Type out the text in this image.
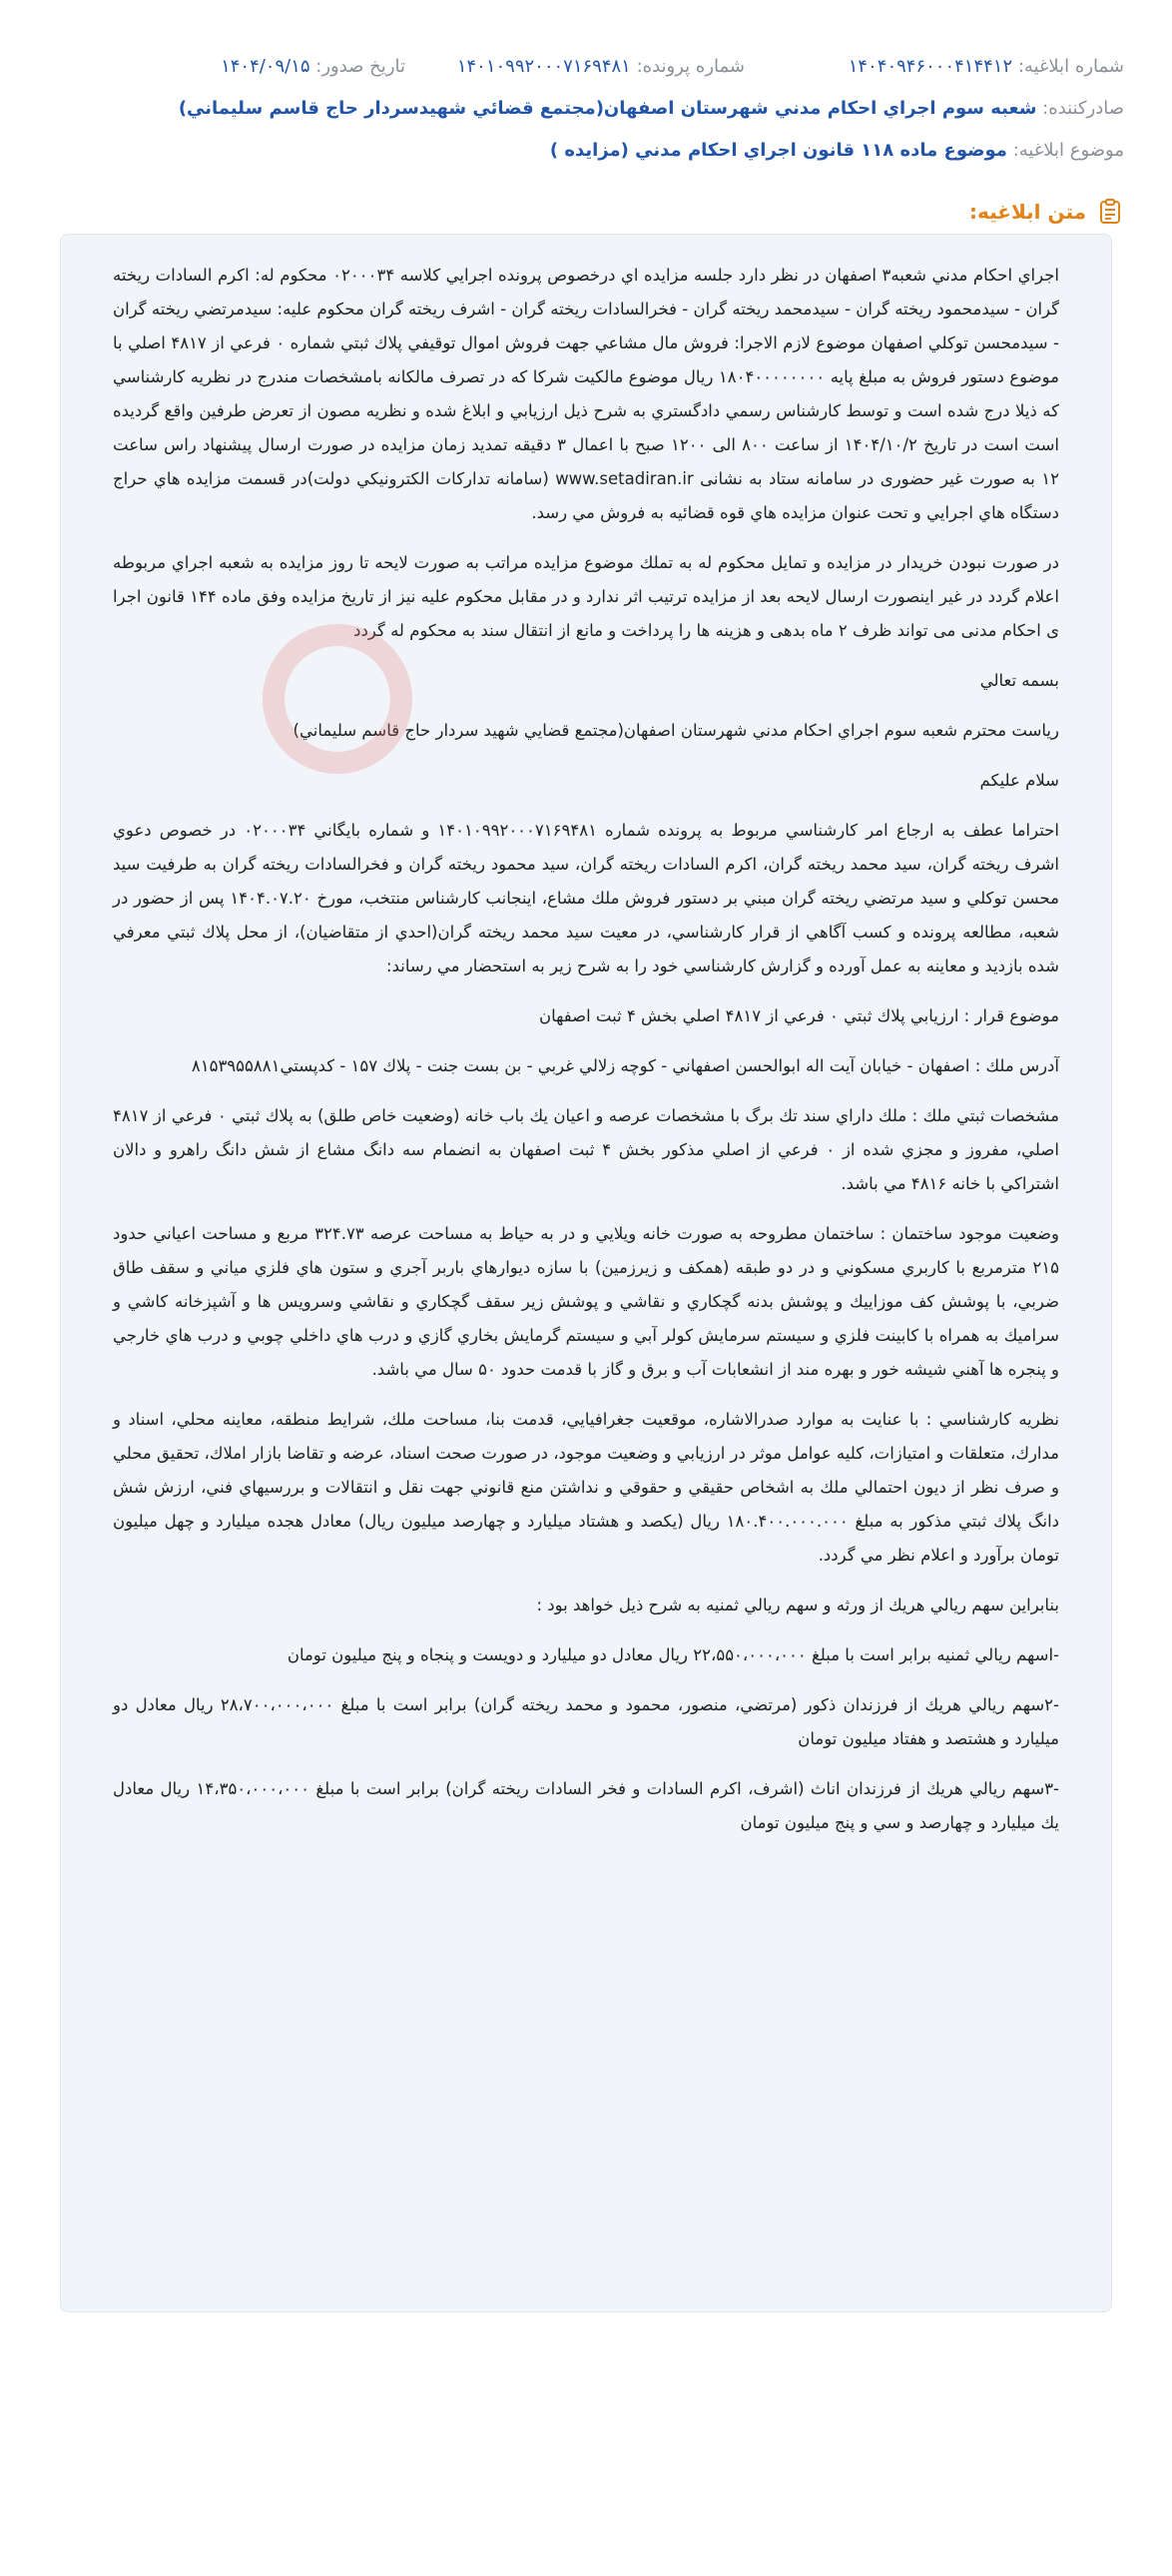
شماره ابلاغيه: ۱۴۰۴۰۹۴۶۰۰۰۴۱۴۴۱۲
شماره پرونده: ۱۴۰۱۰۹۹۲۰۰۰۷۱۶۹۴۸۱
تاريخ صدور: ۱۴۰۴/۰۹/۱۵
صادركننده: شعبه سوم اجراي احكام مدني شهرستان اصفهان(مجتمع قضائي شهيدسردار حاج قاسم سليماني)
موضوع ابلاغيه: موضوع ماده ۱۱۸ قانون اجراي احكام مدني (مزايده )
متن ابلاغيه:

اجراي احكام مدني شعبه۳ اصفهان در نظر دارد جلسه مزايده اي درخصوص پرونده اجرايي كلاسه ۰۲۰۰۰۳۴ محکوم له: اكرم السادات ريخته گران - سيدمحمود ريخته گران - سيدمحمد ريخته گران - فخرالسادات ريخته گران - اشرف ريخته گران محكوم عليه: سيدمرتضي ريخته گران - سيدمحسن توكلي اصفهان موضوع لازم الاجرا: فروش مال مشاعي جهت فروش اموال توقيفي پلاك ثبتي شماره ۰ فرعي از ۴۸۱۷ اصلي با موضوع دستور فروش به مبلغ پايه ۱۸۰۴۰۰۰۰۰۰۰۰ ريال موضوع مالكيت شركا كه در تصرف مالكانه بامشخصات مندرج در نظريه كارشناسي كه ذيلا درج شده است و توسط كارشناس رسمي دادگستري به شرح ذيل ارزيابي و ابلاغ شده و نظريه مصون از تعرض طرفين واقع گرديده است است در تاريخ ۱۴۰۴/۱۰/۲ از ساعت ۸۰۰ الی ۱۲۰۰ صبح با اعمال ۳ دقیقه تمدید زمان مزایده در صورت ارسال پیشنهاد راس ساعت ۱۲ به صورت غیر حضوری در سامانه ستاد به نشانی www.setadiran.ir (سامانه تداركات الكترونيكي دولت)در قسمت مزايده هاي حراج دستگاه هاي اجرايي و تحت عنوان مزايده هاي قوه قضائيه به فروش مي رسد.

در صورت نبودن خريدار در مزايده و تمايل محكوم له به تملك موضوع مزايده مراتب به صورت لايحه تا روز مزايده به شعبه اجراي مربوطه اعلام گردد در غير اينصورت ارسال لايحه بعد از مزايده ترتيب اثر ندارد و در مقابل محكوم عليه نيز از تاريخ مزايده وفق ماده ۱۴۴ قانون اجرا ی احكام مدنی می تواند ظرف ۲ ماه بدهی و هزينه ها را پرداخت و مانع از انتقال سند به محكوم له گردد

بسمه تعالي

رياست محترم شعبه سوم اجراي احكام مدني شهرستان اصفهان(مجتمع قضايي شهيد سردار حاج قاسم سليماني)

سلام عليكم

احتراما عطف به ارجاع امر كارشناسي مربوط به پرونده شماره ۱۴۰۱۰۹۹۲۰۰۰۷۱۶۹۴۸۱ و شماره بايگاني ۰۲۰۰۰۳۴ در خصوص دعوي اشرف ريخته گران، سيد محمد ريخته گران، اكرم السادات ريخته گران، سيد محمود ريخته گران و فخرالسادات ريخته گران به طرفيت سيد محسن توكلي و سيد مرتضي ريخته گران مبني بر دستور فروش ملك مشاع، اينجانب كارشناس منتخب، مورخ ۱۴۰۴.۰۷.۲۰ پس از حضور در شعبه، مطالعه پرونده و كسب آگاهي از قرار كارشناسي، در معيت سيد محمد ريخته گران(احدي از متقاضيان)، از محل پلاك ثبتي معرفي شده بازديد و معاينه به عمل آورده و گزارش كارشناسي خود را به شرح زير به استحضار مي رساند:

موضوع قرار : ارزيابي پلاك ثبتي ۰ فرعي از ۴۸۱۷ اصلي بخش ۴ ثبت اصفهان

آدرس ملك : اصفهان - خيابان آيت اله ابوالحسن اصفهاني - كوچه زلالي غربي - بن بست جنت - پلاك ۱۵۷ - كدپستي۸۱۵۳۹۵۵۸۸۱

مشخصات ثبتي ملك : ملك داراي سند تك برگ با مشخصات عرصه و اعيان يك باب خانه (وضعيت خاص طلق) به پلاك ثبتي ۰ فرعي از ۴۸۱۷ اصلي، مفروز و مجزي شده از ۰ فرعي از اصلي مذكور بخش ۴ ثبت اصفهان به انضمام سه دانگ مشاع از شش دانگ راهرو و دالان اشتراكي با خانه ۴۸۱۶ مي باشد.

وضعيت موجود ساختمان : ساختمان مطروحه به صورت خانه ويلايي و در به حياط به مساحت عرصه ۳۲۴.۷۳ مربع و مساحت اعياني حدود ۲۱۵ مترمربع با كاربري مسكوني و در دو طبقه (همكف و زيرزمين) با سازه ديوارهاي باربر آجري و ستون هاي فلزي مياني و سقف طاق ضربي، با پوشش كف موزاييك و پوشش بدنه گچكاري و نقاشي و پوشش زير سقف گچكاري و نقاشي وسرويس ها و آشپزخانه كاشي و سراميك به همراه با كابينت فلزي و سيستم سرمايش كولر آبي و سيستم گرمايش بخاري گازي و درب هاي داخلي چوبي و درب هاي خارجي و پنجره ها آهني شيشه خور و بهره مند از انشعابات آب و برق و گاز با قدمت حدود ۵۰ سال مي باشد.

نظريه كارشناسي : با عنايت به موارد صدرالاشاره، موقعيت جغرافيايي، قدمت بنا، مساحت ملك، شرايط منطقه، معاينه محلي، اسناد و مدارك، متعلقات و امتيازات، كليه عوامل موثر در ارزيابي و وضعيت موجود، در صورت صحت اسناد، عرضه و تقاضا بازار املاك، تحقيق محلي و صرف نظر از ديون احتمالي ملك به اشخاص حقيقي و حقوقي و نداشتن منع قانوني جهت نقل و انتقالات و بررسيهاي فني، ارزش شش دانگ پلاك ثبتي مذكور به مبلغ ۱۸۰.۴۰۰.۰۰۰.۰۰۰ ريال (يكصد و هشتاد ميليارد و چهارصد ميليون ريال) معادل هجده ميليارد و چهل ميليون تومان برآورد و اعلام نظر مي گردد.

بنابراين سهم ريالي هريك از ورثه و سهم ريالي ثمنيه به شرح ذيل خواهد بود :

-اسهم ريالي ثمنيه برابر است با مبلغ ۲۲،۵۵۰،۰۰۰،۰۰۰ ريال معادل دو ميليارد و دويست و پنجاه و پنج ميليون تومان

-۲سهم ريالي هريك از فرزندان ذكور (مرتضي، منصور، محمود و محمد ريخته گران) برابر است با مبلغ ۲۸،۷۰۰،۰۰۰،۰۰۰ ريال معادل دو ميليارد و هشتصد و هفتاد ميليون تومان

-۳سهم ريالي هريك از فرزندان اناث (اشرف، اكرم السادات و فخر السادات ريخته گران) برابر است با مبلغ ۱۴،۳۵۰،۰۰۰،۰۰۰ ريال معادل يك ميليارد و چهارصد و سي و پنج ميليون تومان
